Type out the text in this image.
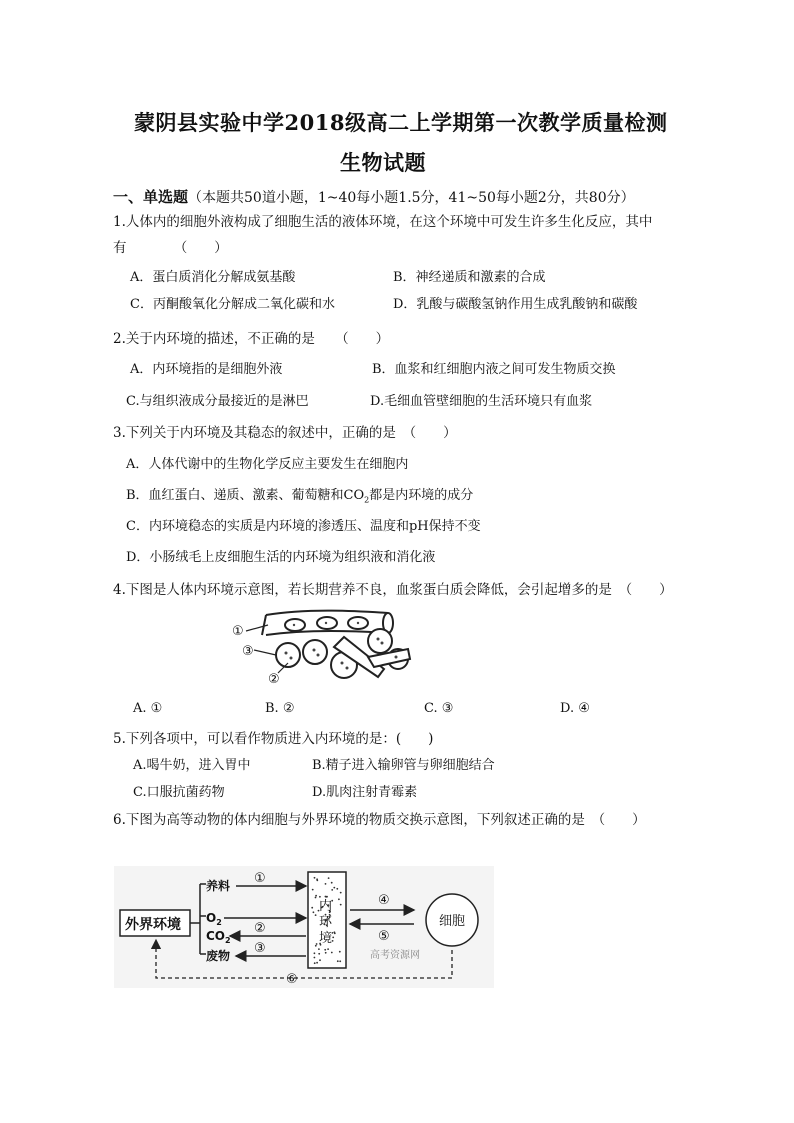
蒙阴县实验中学2018级高二上学期第一次教学质量检测
生物试题
一、单选题（本题共50道小题，1~40每小题1.5分，41~50每小题2分，共80分）
1.人体内的细胞外液构成了细胞生活的液体环境，在这个环境中可发生许多生化反应，其中
有　　　　（　　）
A．蛋白质消化分解成氨基酸	B．神经递质和激素的合成
C．丙酮酸氧化分解成二氧化碳和水	D．乳酸与碳酸氢钠作用生成乳酸钠和碳酸
2.关于内环境的描述，不正确的是　　（　　）
A．内环境指的是细胞外液	B．血浆和红细胞内液之间可发生物质交换
C.与组织液成分最接近的是淋巴	D.毛细血管壁细胞的生活环境只有血浆
3.下列关于内环境及其稳态的叙述中，正确的是　（　　）
A．人体代谢中的生物化学反应主要发生在细胞内
B．血红蛋白、递质、激素、葡萄糖和$CO_2$都是内环境的成分
C．内环境稳态的实质是内环境的渗透压、温度和pH保持不变
D．小肠绒毛上皮细胞生活的内环境为组织液和消化液
4.下图是人体内环境示意图，若长期营养不良，血浆蛋白质会降低，会引起增多的是　（　　）
①
②
③
A. ①	B. ②	C. ③	D. ④
5.下列各项中，可以看作物质进入内环境的是：(　　)
A.喝牛奶，进入胃中	B.精子进入输卵管与卵细胞结合
C.口服抗菌药物	D.肌肉注射青霉素
6.下图为高等动物的体内细胞与外界环境的物质交换示意图，下列叙述正确的是　（　　）
外界环境
养料
$O_2$
$CO_2$
废物
①
②
③
内
环
境
④
⑤
细胞
高考资源网
⑥
